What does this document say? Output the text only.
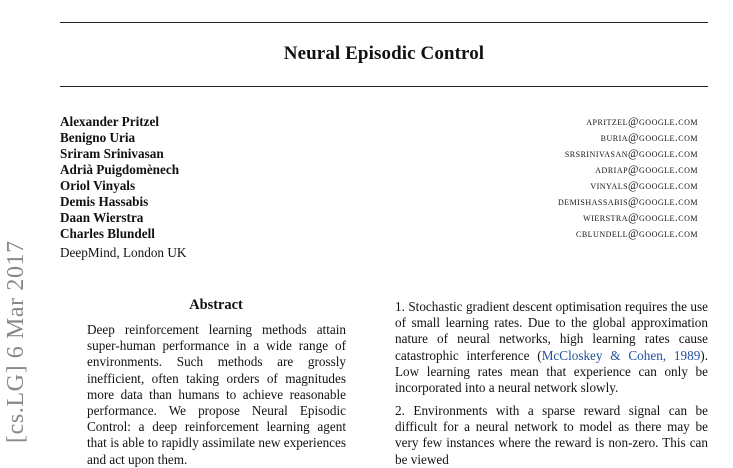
Neural Episodic Control
Alexander Pritzel	apritzel@google.com
Benigno Uria	buria@google.com
Sriram Srinivasan	srsrinivasan@google.com
Adrià Puigdomènech	adriap@google.com
Oriol Vinyals	vinyals@google.com
Demis Hassabis	demishassabis@google.com
Daan Wierstra	wierstra@google.com
Charles Blundell	cblundell@google.com
DeepMind, London UK
[cs.LG] 6 Mar 2017	Abstract
Deep reinforcement learning methods attain super-human performance in a wide range of environments. Such methods are grossly inefficient, often taking orders of magnitudes more data than humans to achieve reasonable performance. We propose Neural Episodic Control: a deep reinforcement learning agent that is able to rapidly assimilate new experiences and act upon them.
1. Stochastic gradient descent optimisation requires the use of small learning rates. Due to the global approximation nature of neural networks, high learning rates cause catastrophic interference (McCloskey & Cohen, 1989). Low learning rates mean that experience can only be incorporated into a neural network slowly.
2. Environments with a sparse reward signal can be difficult for a neural network to model as there may be very few instances where the reward is non-zero. This can be viewed
